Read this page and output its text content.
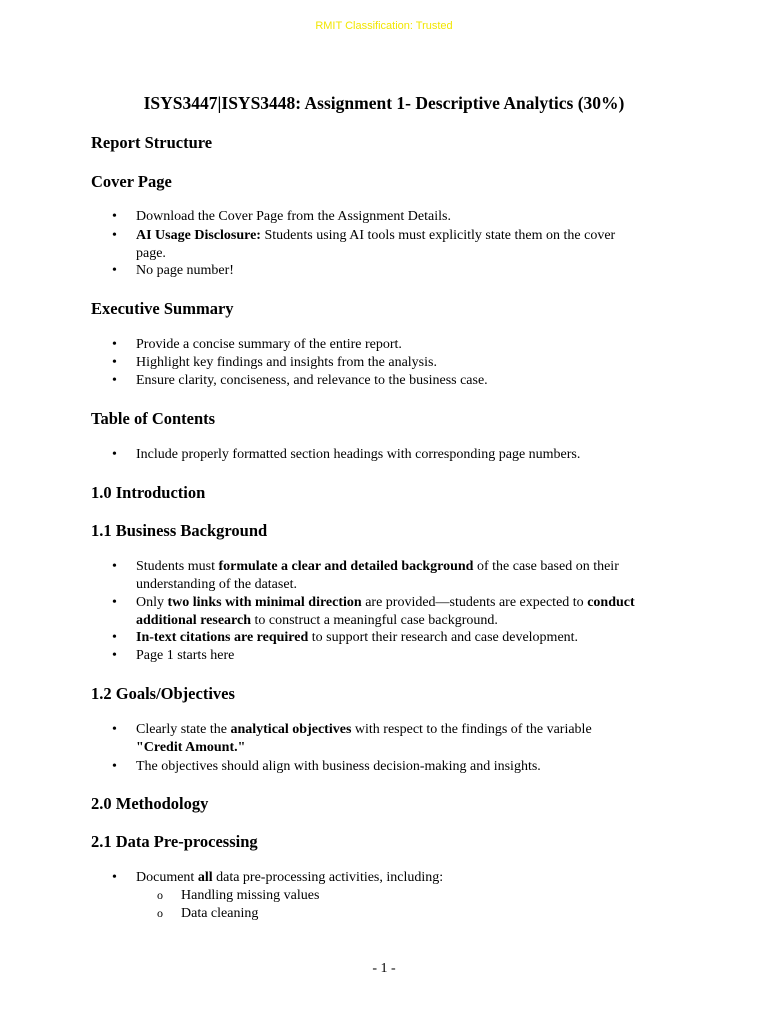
RMIT Classification: Trusted
ISYS3447|ISYS3448: Assignment 1- Descriptive Analytics (30%)
Report Structure
Cover Page
• Download the Cover Page from the Assignment Details.
• AI Usage Disclosure: Students using AI tools must explicitly state them on the cover
page.
• No page number!
Executive Summary
• Provide a concise summary of the entire report.
• Highlight key findings and insights from the analysis.
• Ensure clarity, conciseness, and relevance to the business case.
Table of Contents
• Include properly formatted section headings with corresponding page numbers.
1.0 Introduction
1.1 Business Background
• Students must formulate a clear and detailed background of the case based on their
understanding of the dataset.
• Only two links with minimal direction are provided—students are expected to conduct
additional research to construct a meaningful case background.
• In-text citations are required to support their research and case development.
• Page 1 starts here
1.2 Goals/Objectives
• Clearly state the analytical objectives with respect to the findings of the variable
"Credit Amount."
• The objectives should align with business decision-making and insights.
2.0 Methodology
2.1 Data Pre-processing
• Document all data pre-processing activities, including:
o Handling missing values
o Data cleaning
- 1 -
